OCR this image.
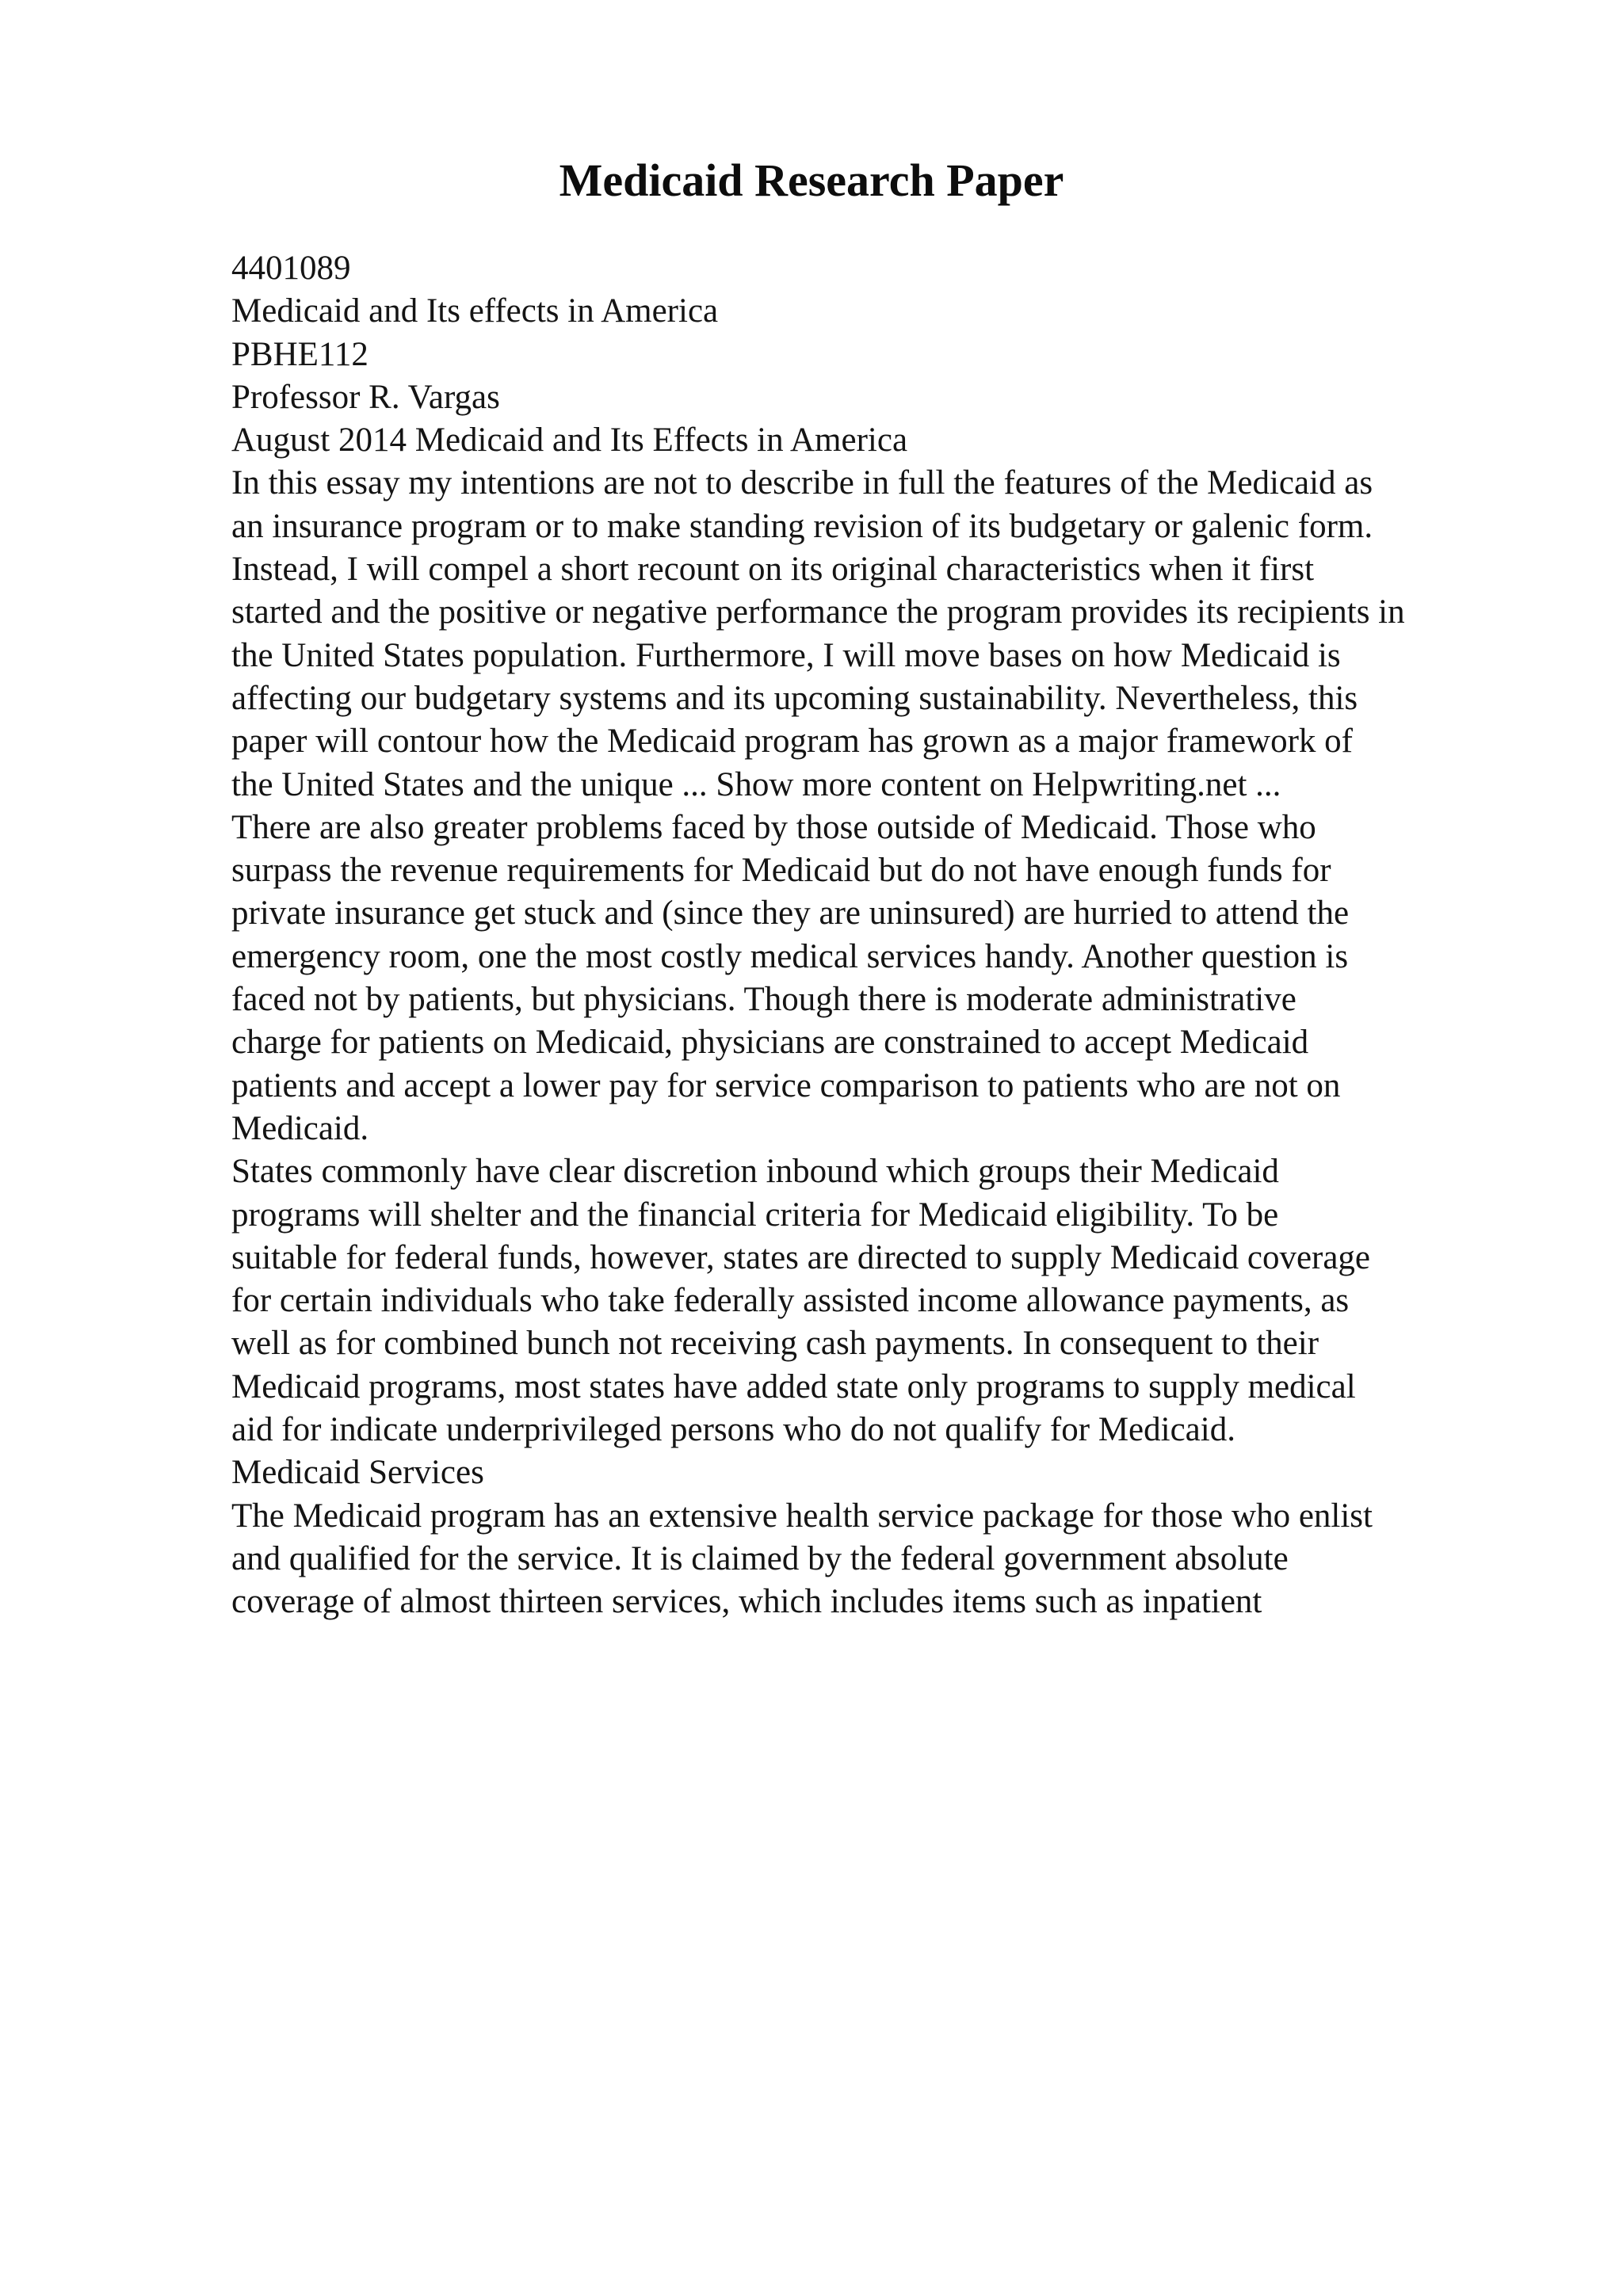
Medicaid Research Paper
4401089
Medicaid and Its effects in America
PBHE112
Professor R. Vargas
August 2014 Medicaid and Its Effects in America
In this essay my intentions are not to describe in full the features of the Medicaid as
an insurance program or to make standing revision of its budgetary or galenic form.
Instead, I will compel a short recount on its original characteristics when it first
started and the positive or negative performance the program provides its recipients in
the United States population. Furthermore, I will move bases on how Medicaid is
affecting our budgetary systems and its upcoming sustainability. Nevertheless, this
paper will contour how the Medicaid program has grown as a major framework of
the United States and the unique ... Show more content on Helpwriting.net ...
There are also greater problems faced by those outside of Medicaid. Those who
surpass the revenue requirements for Medicaid but do not have enough funds for
private insurance get stuck and (since they are uninsured) are hurried to attend the
emergency room, one the most costly medical services handy. Another question is
faced not by patients, but physicians. Though there is moderate administrative
charge for patients on Medicaid, physicians are constrained to accept Medicaid
patients and accept a lower pay for service comparison to patients who are not on
Medicaid.
States commonly have clear discretion inbound which groups their Medicaid
programs will shelter and the financial criteria for Medicaid eligibility. To be
suitable for federal funds, however, states are directed to supply Medicaid coverage
for certain individuals who take federally assisted income allowance payments, as
well as for combined bunch not receiving cash payments. In consequent to their
Medicaid programs, most states have added state only programs to supply medical
aid for indicate underprivileged persons who do not qualify for Medicaid.
Medicaid Services
The Medicaid program has an extensive health service package for those who enlist
and qualified for the service. It is claimed by the federal government absolute
coverage of almost thirteen services, which includes items such as inpatient
